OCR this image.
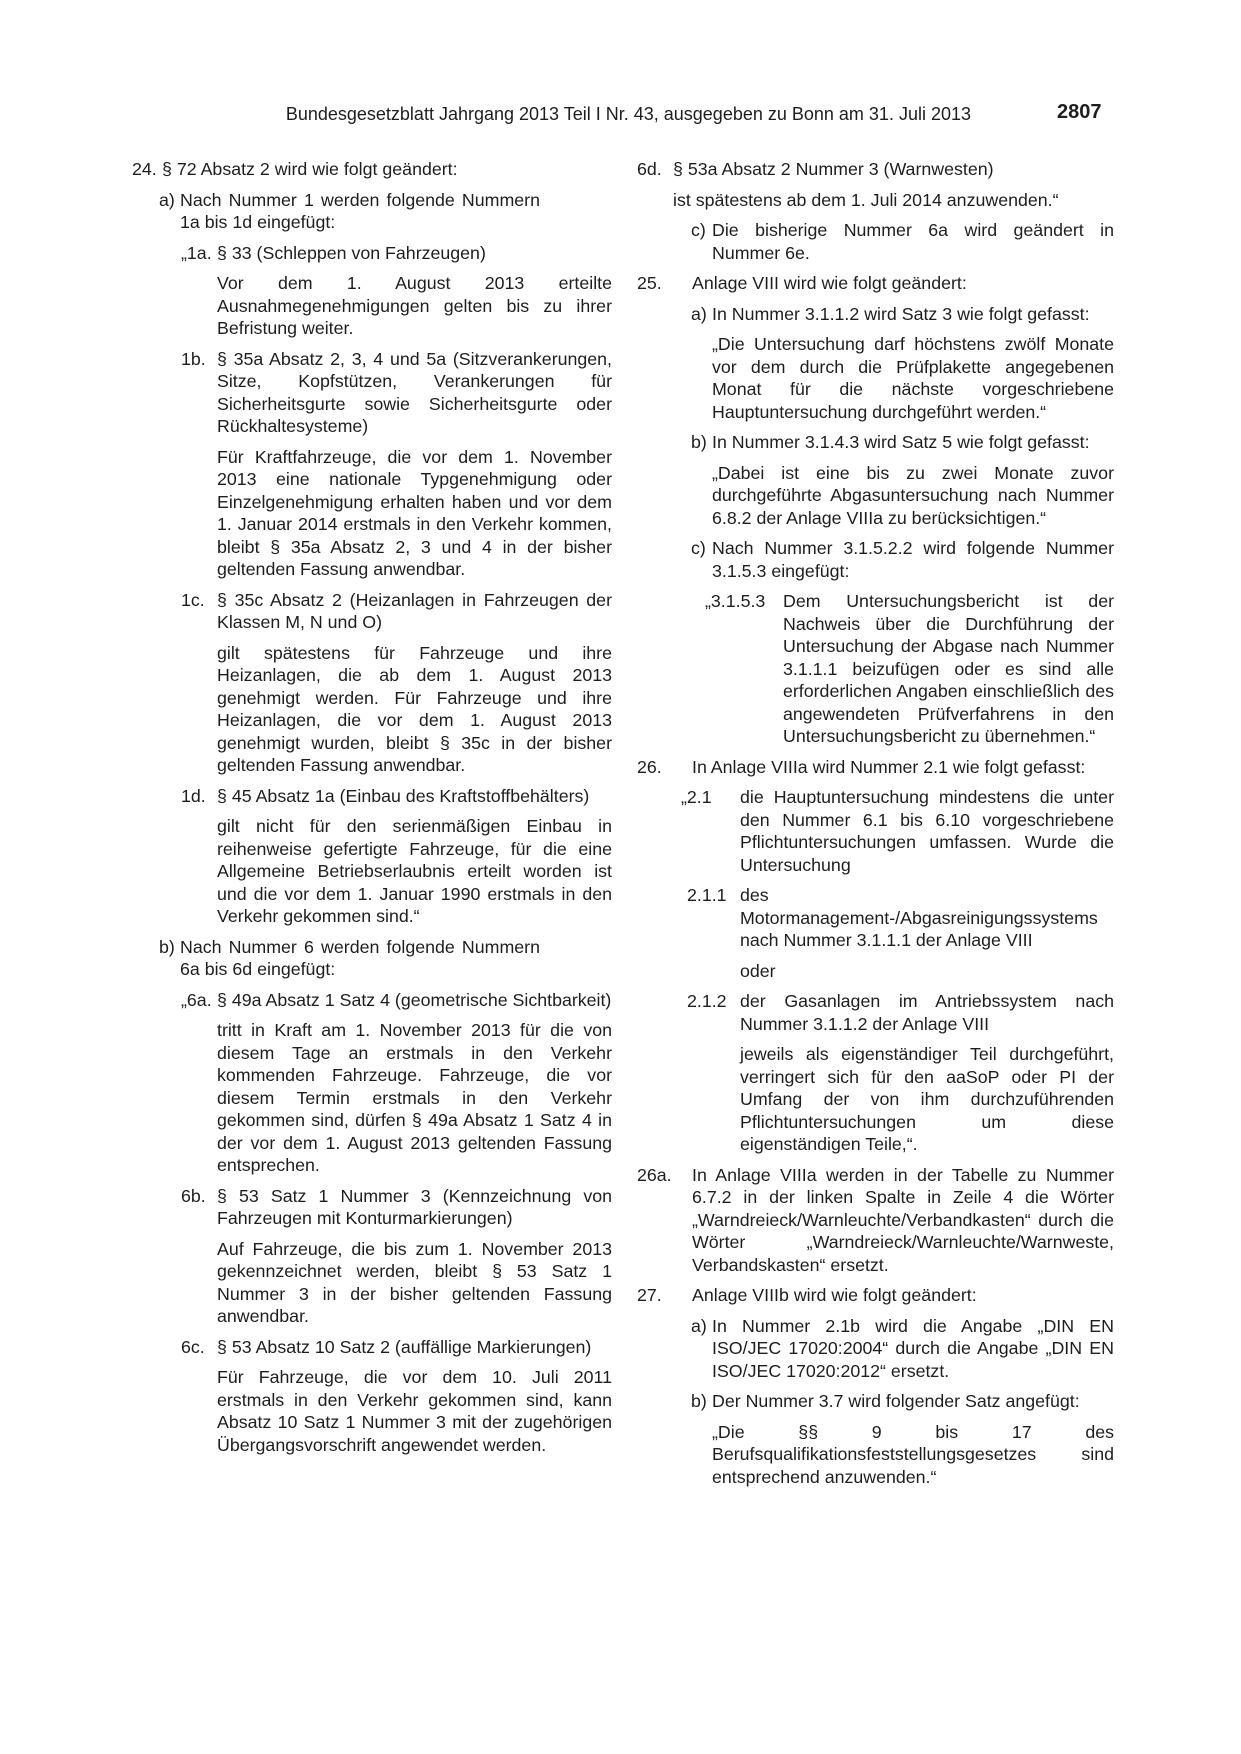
Bundesgesetzblatt Jahrgang 2013 Teil I Nr. 43, ausgegeben zu Bonn am 31. Juli 2013	2807
24. § 72 Absatz 2 wird wie folgt geändert:
a) Nach Nummer 1 werden folgende Nummern 1a bis 1d eingefügt:
„1a. § 33 (Schleppen von Fahrzeugen)
Vor dem 1. August 2013 erteilte Ausnahmegenehmigungen gelten bis zu ihrer Befristung weiter.
1b. § 35a Absatz 2, 3, 4 und 5a (Sitzverankerungen, Sitze, Kopfstützen, Verankerungen für Sicherheitsgurte sowie Sicherheitsgurte oder Rückhaltesysteme)
Für Kraftfahrzeuge, die vor dem 1. November 2013 eine nationale Typgenehmigung oder Einzelgenehmigung erhalten haben und vor dem 1. Januar 2014 erstmals in den Verkehr kommen, bleibt § 35a Absatz 2, 3 und 4 in der bisher geltenden Fassung anwendbar.
1c. § 35c Absatz 2 (Heizanlagen in Fahrzeugen der Klassen M, N und O)
gilt spätestens für Fahrzeuge und ihre Heizanlagen, die ab dem 1. August 2013 genehmigt werden. Für Fahrzeuge und ihre Heizanlagen, die vor dem 1. August 2013 genehmigt wurden, bleibt § 35c in der bisher geltenden Fassung anwendbar.
1d. § 45 Absatz 1a (Einbau des Kraftstoffbehälters)
gilt nicht für den serienmäßigen Einbau in reihenweise gefertigte Fahrzeuge, für die eine Allgemeine Betriebserlaubnis erteilt worden ist und die vor dem 1. Januar 1990 erstmals in den Verkehr gekommen sind.“
b) Nach Nummer 6 werden folgende Nummern 6a bis 6d eingefügt:
„6a. § 49a Absatz 1 Satz 4 (geometrische Sichtbarkeit)
tritt in Kraft am 1. November 2013 für die von diesem Tage an erstmals in den Verkehr kommenden Fahrzeuge. Fahrzeuge, die vor diesem Termin erstmals in den Verkehr gekommen sind, dürfen § 49a Absatz 1 Satz 4 in der vor dem 1. August 2013 geltenden Fassung entsprechen.
6b. § 53 Satz 1 Nummer 3 (Kennzeichnung von Fahrzeugen mit Konturmarkierungen)
Auf Fahrzeuge, die bis zum 1. November 2013 gekennzeichnet werden, bleibt § 53 Satz 1 Nummer 3 in der bisher geltenden Fassung anwendbar.
6c. § 53 Absatz 10 Satz 2 (auffällige Markierungen)
Für Fahrzeuge, die vor dem 10. Juli 2011 erstmals in den Verkehr gekommen sind, kann Absatz 10 Satz 1 Nummer 3 mit der zugehörigen Übergangsvorschrift angewendet werden.
6d. § 53a Absatz 2 Nummer 3 (Warnwesten)
ist spätestens ab dem 1. Juli 2014 anzuwenden.“
c) Die bisherige Nummer 6a wird geändert in Nummer 6e.
25. Anlage VIII wird wie folgt geändert:
a) In Nummer 3.1.1.2 wird Satz 3 wie folgt gefasst:
„Die Untersuchung darf höchstens zwölf Monate vor dem durch die Prüfplakette angegebenen Monat für die nächste vorgeschriebene Hauptuntersuchung durchgeführt werden.“
b) In Nummer 3.1.4.3 wird Satz 5 wie folgt gefasst:
„Dabei ist eine bis zu zwei Monate zuvor durchgeführte Abgasuntersuchung nach Nummer 6.8.2 der Anlage VIIIa zu berücksichtigen.“
c) Nach Nummer 3.1.5.2.2 wird folgende Nummer 3.1.5.3 eingefügt:
„3.1.5.3 Dem Untersuchungsbericht ist der Nachweis über die Durchführung der Untersuchung der Abgase nach Nummer 3.1.1.1 beizufügen oder es sind alle erforderlichen Angaben einschließlich des angewendeten Prüfverfahrens in den Untersuchungsbericht zu übernehmen.“
26. In Anlage VIIIa wird Nummer 2.1 wie folgt gefasst:
„2.1 die Hauptuntersuchung mindestens die unter den Nummer 6.1 bis 6.10 vorgeschriebene Pflichtuntersuchungen umfassen. Wurde die Untersuchung
2.1.1 des Motormanagement-/Abgasreinigungssystems nach Nummer 3.1.1.1 der Anlage VIII
oder
2.1.2 der Gasanlagen im Antriebssystem nach Nummer 3.1.1.2 der Anlage VIII
jeweils als eigenständiger Teil durchgeführt, verringert sich für den aaSoP oder PI der Umfang der von ihm durchzuführenden Pflichtuntersuchungen um diese eigenständigen Teile,“.
26a. In Anlage VIIIa werden in der Tabelle zu Nummer 6.7.2 in der linken Spalte in Zeile 4 die Wörter „Warndreieck/Warnleuchte/Verbandkasten“ durch die Wörter „Warndreieck/Warnleuchte/Warnweste, Verbandskasten“ ersetzt.
27. Anlage VIIIb wird wie folgt geändert:
a) In Nummer 2.1b wird die Angabe „DIN EN ISO/JEC 17020:2004“ durch die Angabe „DIN EN ISO/JEC 17020:2012“ ersetzt.
b) Der Nummer 3.7 wird folgender Satz angefügt:
„Die §§ 9 bis 17 des Berufsqualifikationsfeststellungsgesetzes sind entsprechend anzuwenden.“
